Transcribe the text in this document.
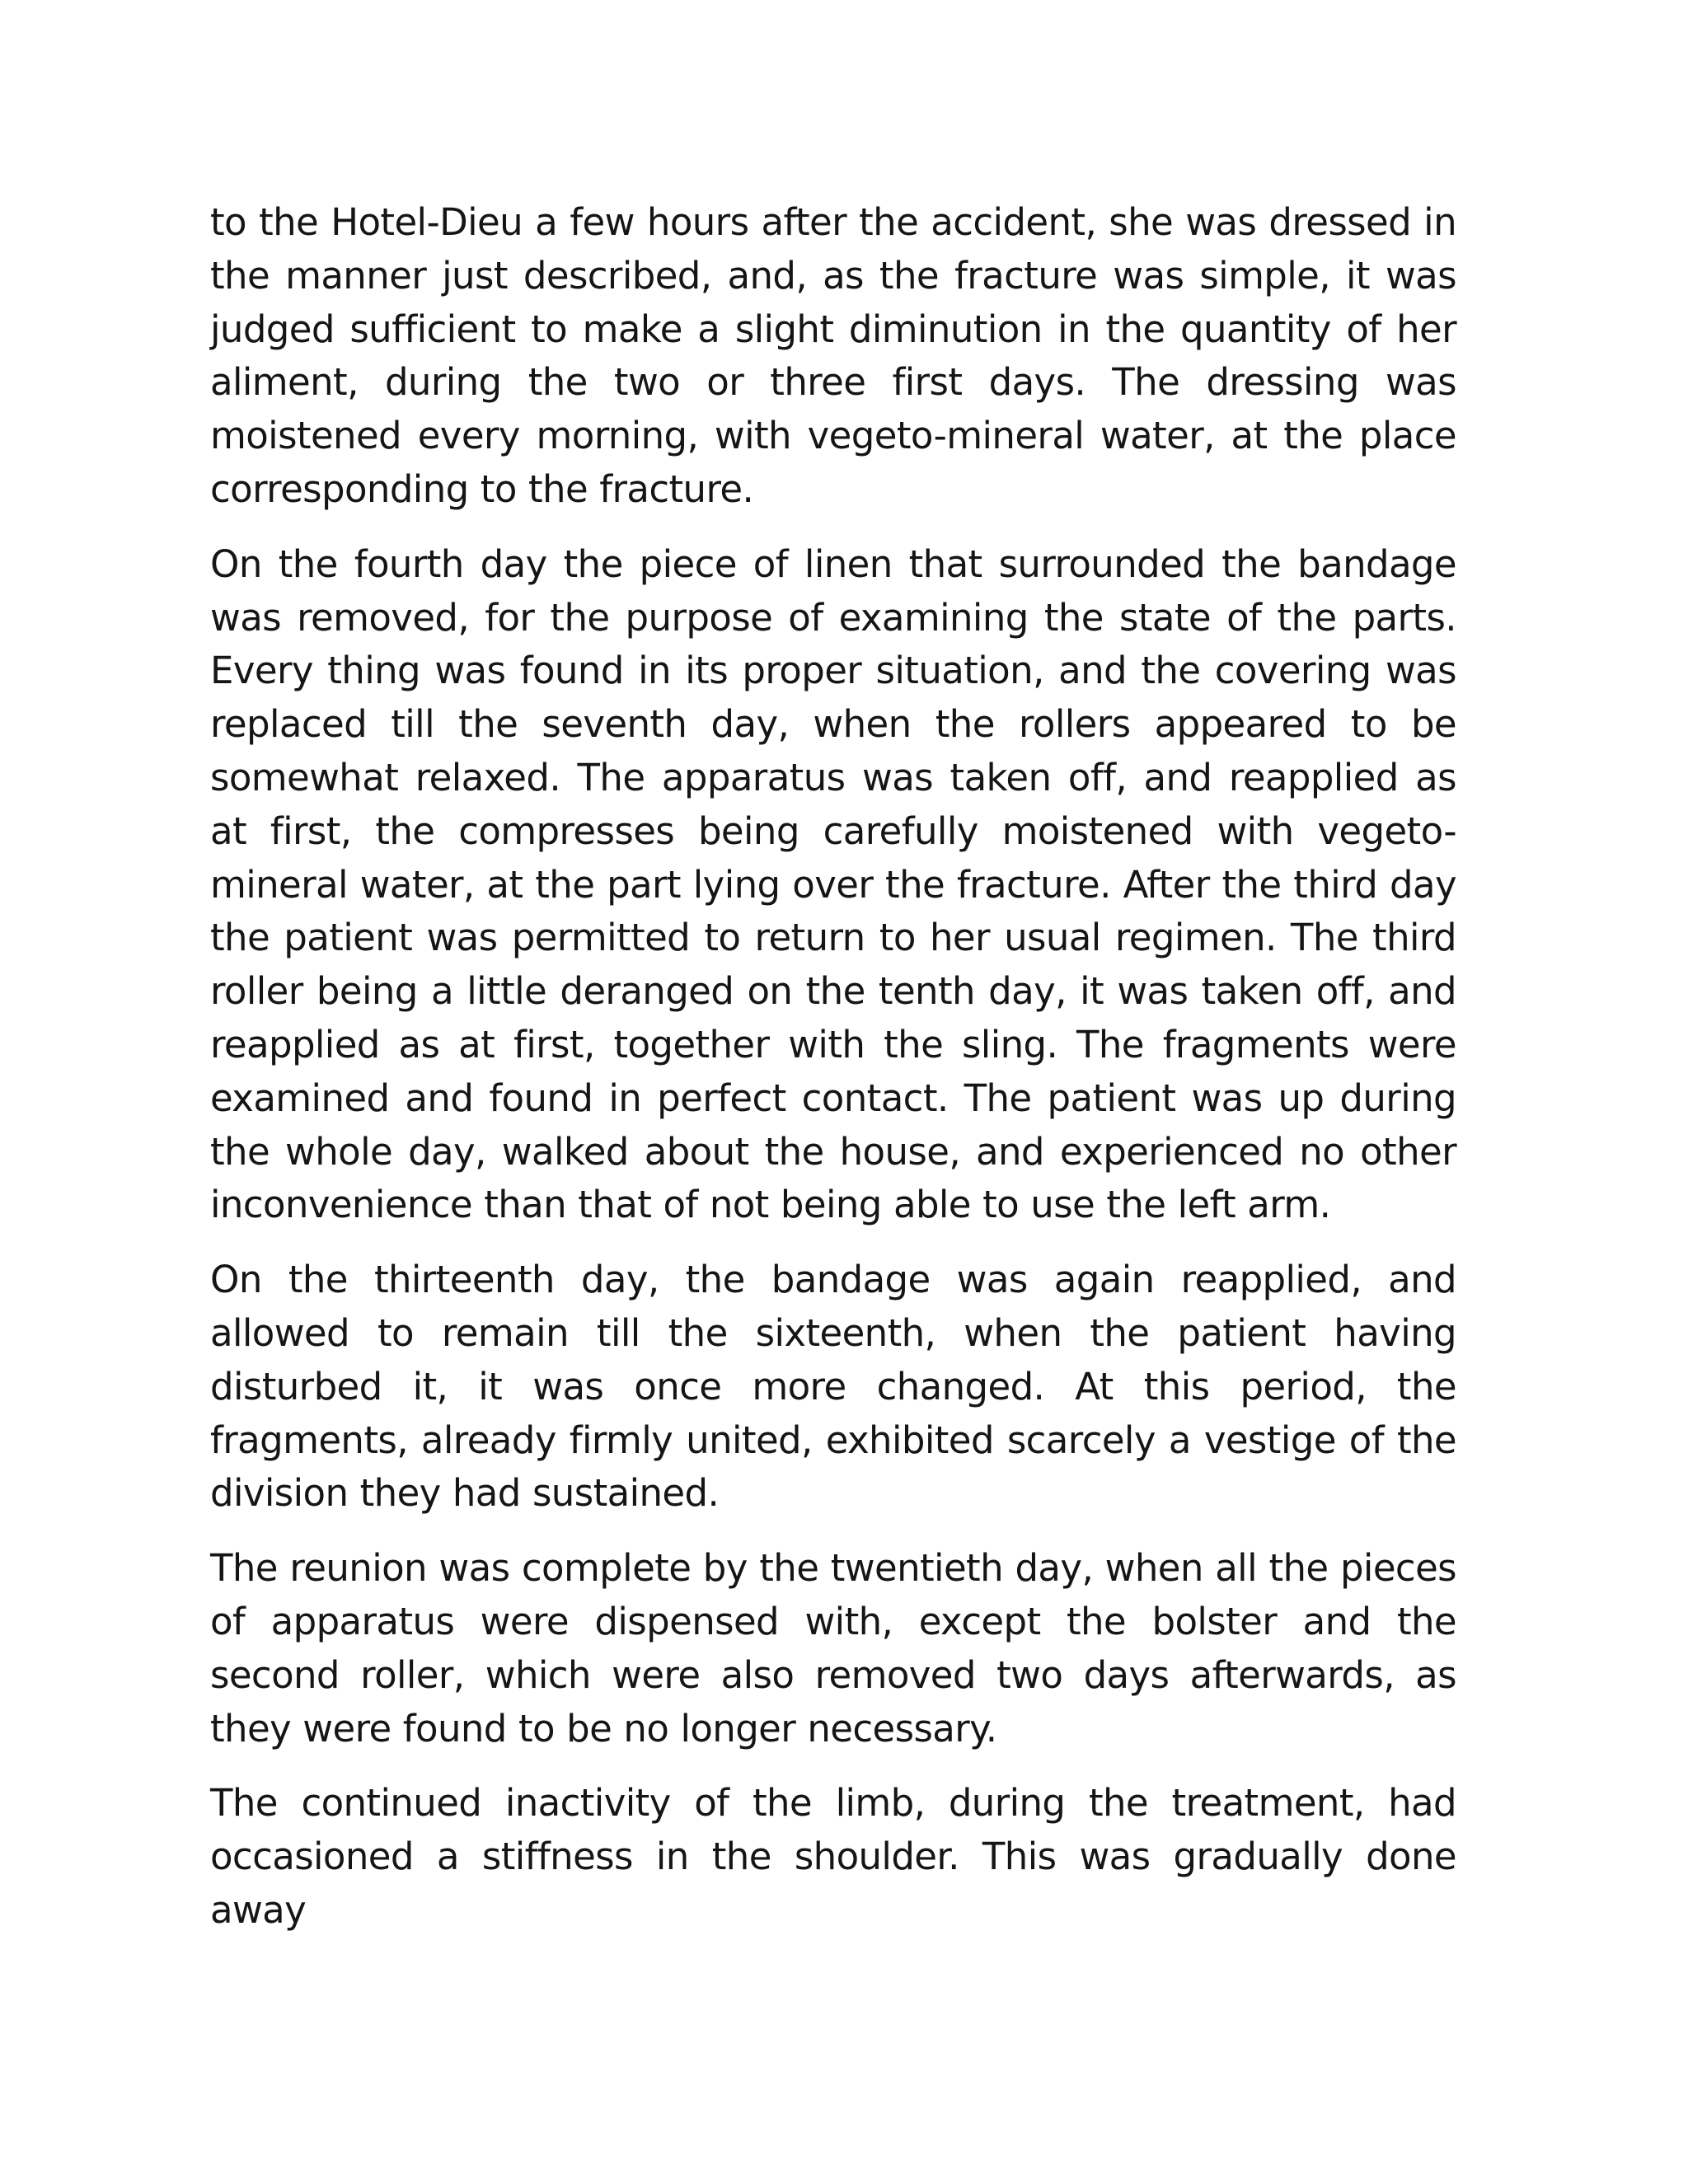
to the Hotel-Dieu a few hours after the accident, she was dressed in the manner just described, and, as the fracture was simple, it was judged sufficient to make a slight diminution in the quantity of her aliment, during the two or three first days. The dressing was moistened every morning, with vegeto-mineral water, at the place corresponding to the fracture.

On the fourth day the piece of linen that surrounded the bandage was removed, for the purpose of examining the state of the parts. Every thing was found in its proper situation, and the covering was replaced till the seventh day, when the rollers appeared to be somewhat relaxed. The apparatus was taken off, and reapplied as at first, the compresses being carefully moistened with vegeto-mineral water, at the part lying over the fracture. After the third day the patient was permitted to return to her usual regimen. The third roller being a little deranged on the tenth day, it was taken off, and reapplied as at first, together with the sling. The fragments were examined and found in perfect contact. The patient was up during the whole day, walked about the house, and experienced no other inconvenience than that of not being able to use the left arm.

On the thirteenth day, the bandage was again reapplied, and allowed to remain till the sixteenth, when the patient having disturbed it, it was once more changed. At this period, the fragments, already firmly united, exhibited scarcely a vestige of the division they had sustained.

The reunion was complete by the twentieth day, when all the pieces of apparatus were dispensed with, except the bolster and the second roller, which were also removed two days afterwards, as they were found to be no longer necessary.

The continued inactivity of the limb, during the treatment, had occasioned a stiffness in the shoulder. This was gradually done away
